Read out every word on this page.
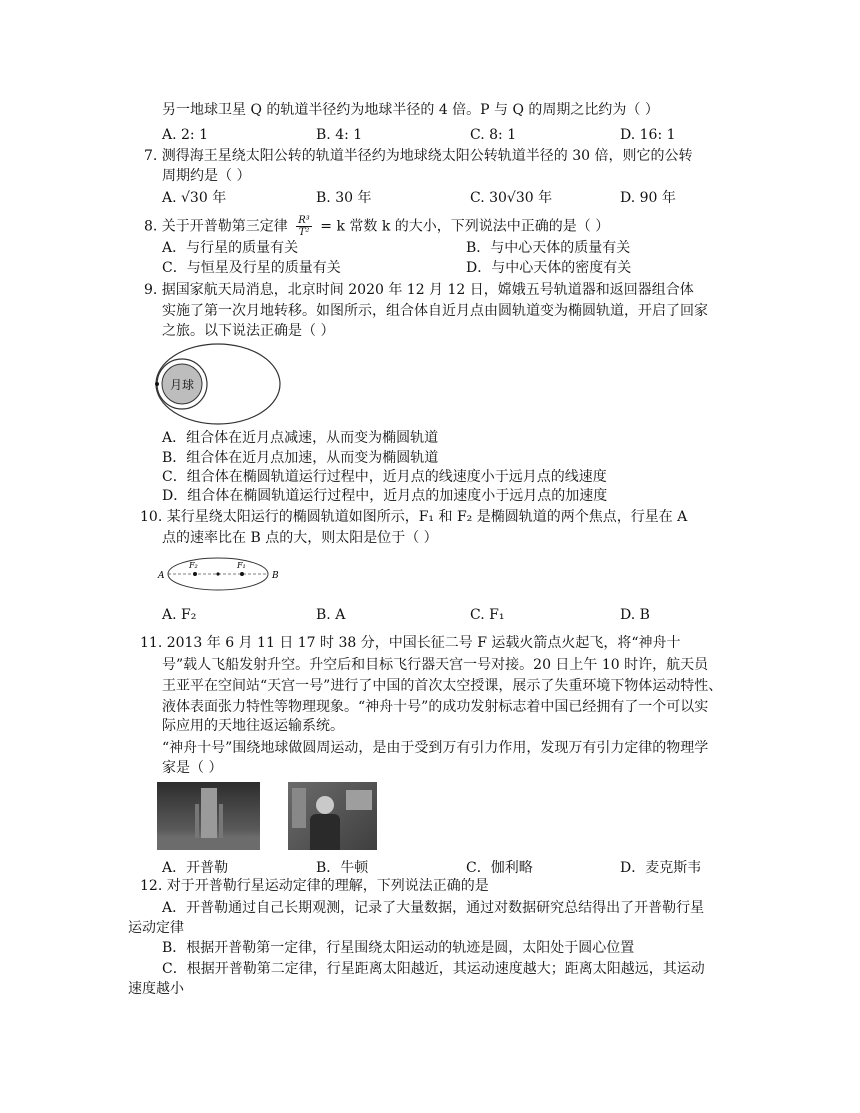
另一地球卫星 Q 的轨道半径约为地球半径的 4 倍。P 与 Q 的周期之比约为（ ）
A. 2: 1	B. 4: 1	C. 8: 1	D. 16: 1
7. 测得海王星绕太阳公转的轨道半径约为地球绕太阳公转轨道半径的 30 倍，则它的公转
周期约是（ ）
A. √30 年	B. 30 年	C. 30√30 年	D. 90 年
8. 关于开普勒第三定律 $\frac{\text{R³}}{\text{T²}} = k$ 常数 k 的大小，下列说法中正确的是（ ）
A．与行星的质量有关	B．与中心天体的质量有关
C．与恒星及行星的质量有关	D．与中心天体的密度有关
9. 据国家航天局消息，北京时间 2020 年 12 月 12 日，嫦娥五号轨道器和返回器组合体
实施了第一次月地转移。如图所示，组合体自近月点由圆轨道变为椭圆轨道，开启了回家
之旅。以下说法正确是（ ）
月球
A．组合体在近月点减速，从而变为椭圆轨道
B．组合体在近月点加速，从而变为椭圆轨道
C．组合体在椭圆轨道运行过程中，近月点的线速度小于远月点的线速度
D．组合体在椭圆轨道运行过程中，近月点的加速度小于远月点的加速度
10. 某行星绕太阳运行的椭圆轨道如图所示，F₁ 和 F₂ 是椭圆轨道的两个焦点，行星在 A
点的速率比在 B 点的大，则太阳是位于（ ）
A	B
F₂	F₁
A. F₂	B. A	C. F₁	D. B
11. 2013 年 6 月 11 日 17 时 38 分，中国长征二号 F 运载火箭点火起飞，将“神舟十
号”载人飞船发射升空。升空后和目标飞行器天宫一号对接。20 日上午 10 时许，航天员
王亚平在空间站“天宫一号”进行了中国的首次太空授课，展示了失重环境下物体运动特性、
液体表面张力特性等物理现象。“神舟十号”的成功发射标志着中国已经拥有了一个可以实
际应用的天地往返运输系统。
“神舟十号”围绕地球做圆周运动，是由于受到万有引力作用，发现万有引力定律的物理学
家是（ ）
A．开普勒	B．牛顿	C．伽利略	D．麦克斯韦
12. 对于开普勒行星运动定律的理解，下列说法正确的是
A．开普勒通过自己长期观测，记录了大量数据，通过对数据研究总结得出了开普勒行星
运动定律
B．根据开普勒第一定律，行星围绕太阳运动的轨迹是圆，太阳处于圆心位置
C．根据开普勒第二定律，行星距离太阳越近，其运动速度越大；距离太阳越远，其运动
速度越小
